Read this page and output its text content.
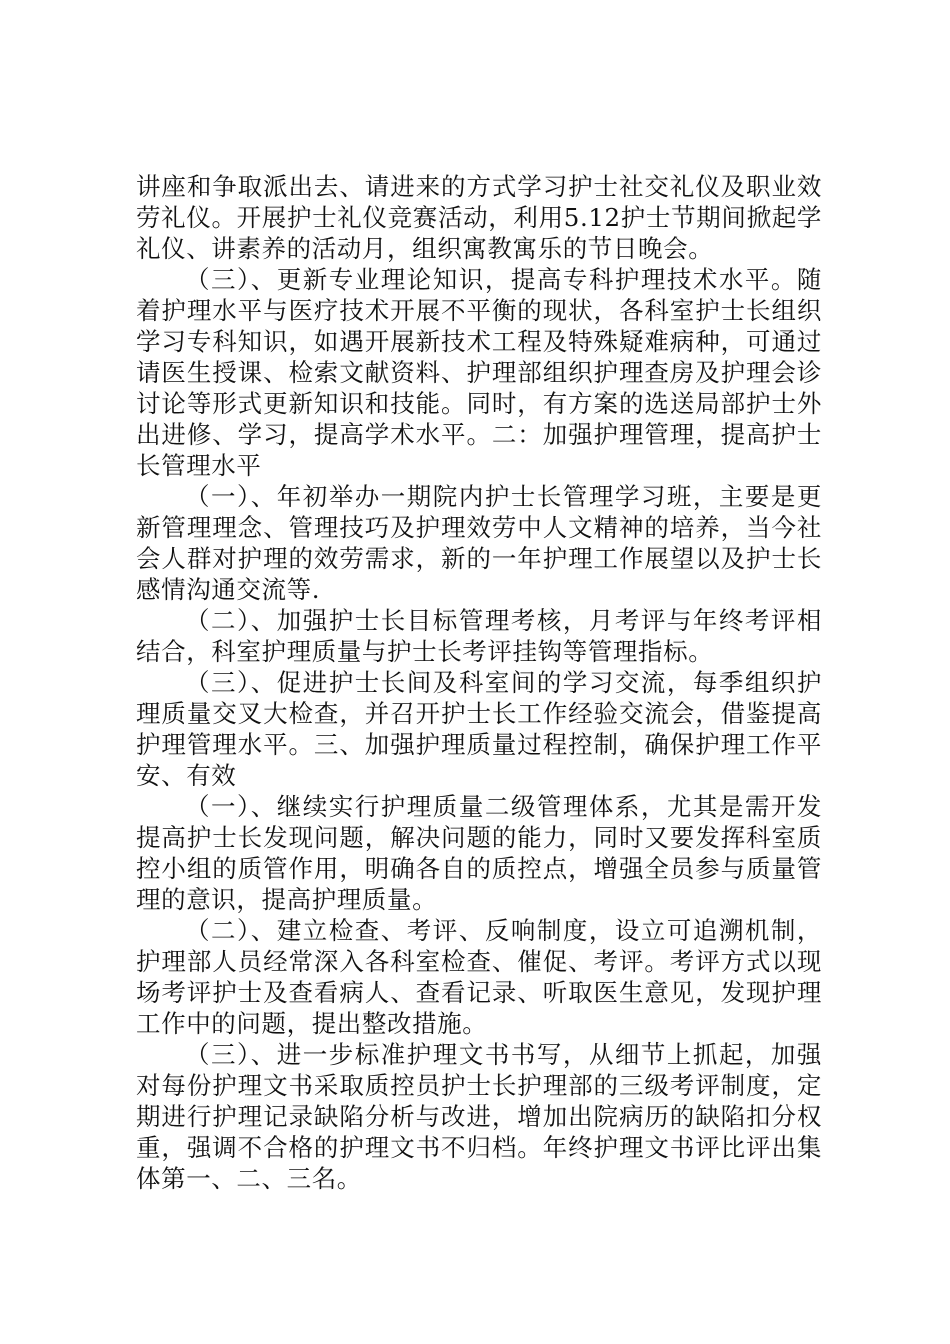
讲座和争取派出去、请进来的方式学习护士社交礼仪及职业效劳礼仪。开展护士礼仪竞赛活动，利用5.12护士节期间掀起学礼仪、讲素养的活动月，组织寓教寓乐的节日晚会。

（三）、更新专业理论知识，提高专科护理技术水平。随着护理水平与医疗技术开展不平衡的现状，各科室护士长组织学习专科知识，如遇开展新技术工程及特殊疑难病种，可通过请医生授课、检索文献资料、护理部组织护理查房及护理会诊讨论等形式更新知识和技能。同时，有方案的选送局部护士外出进修、学习，提高学术水平。二：加强护理管理，提高护士长管理水平

（一）、年初举办一期院内护士长管理学习班，主要是更新管理理念、管理技巧及护理效劳中人文精神的培养，当今社会人群对护理的效劳需求，新的一年护理工作展望以及护士长感情沟通交流等.

（二）、加强护士长目标管理考核，月考评与年终考评相结合，科室护理质量与护士长考评挂钩等管理指标。

（三）、促进护士长间及科室间的学习交流，每季组织护理质量交叉大检查，并召开护士长工作经验交流会，借鉴提高护理管理水平。三、加强护理质量过程控制，确保护理工作平安、有效

（一）、继续实行护理质量二级管理体系，尤其是需开发提高护士长发现问题，解决问题的能力，同时又要发挥科室质控小组的质管作用，明确各自的质控点，增强全员参与质量管理的意识，提高护理质量。

（二）、建立检查、考评、反响制度，设立可追溯机制，护理部人员经常深入各科室检查、催促、考评。考评方式以现场考评护士及查看病人、查看记录、听取医生意见，发现护理工作中的问题，提出整改措施。

（三）、进一步标准护理文书书写，从细节上抓起，加强对每份护理文书采取质控员护士长护理部的三级考评制度，定期进行护理记录缺陷分析与改进，增加出院病历的缺陷扣分权重，强调不合格的护理文书不归档。年终护理文书评比评出集体第一、二、三名。
